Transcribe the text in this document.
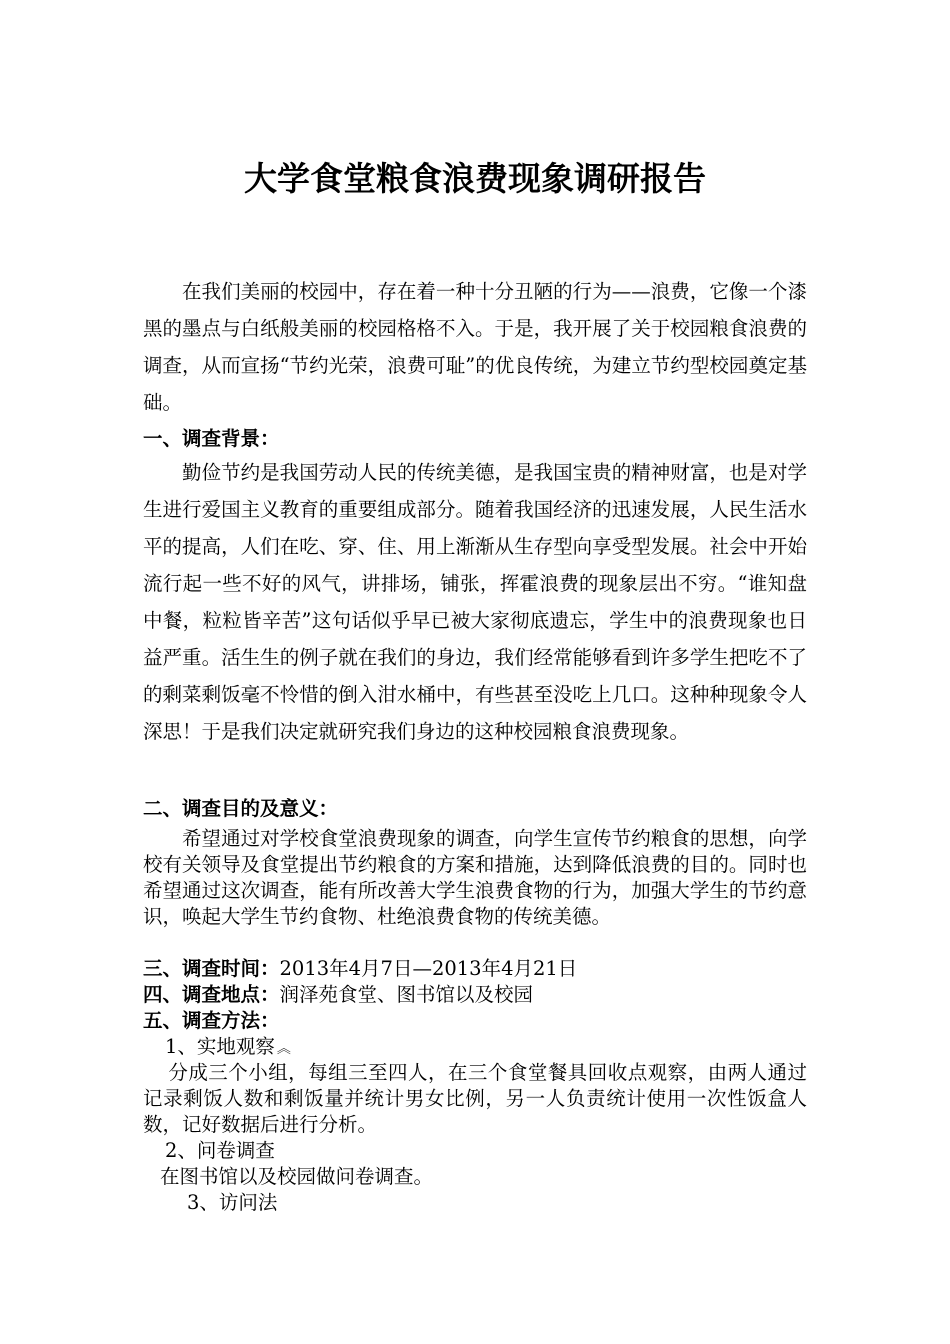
大学食堂粮食浪费现象调研报告

在我们美丽的校园中，存在着一种十分丑陋的行为——浪费，它像一个漆黑的墨点与白纸般美丽的校园格格不入。于是，我开展了关于校园粮食浪费的调查，从而宣扬“节约光荣，浪费可耻”的优良传统，为建立节约型校园奠定基础。

一、调查背景：

勤俭节约是我国劳动人民的传统美德，是我国宝贵的精神财富，也是对学生进行爱国主义教育的重要组成部分。随着我国经济的迅速发展，人民生活水平的提高，人们在吃、穿、住、用上渐渐从生存型向享受型发展。社会中开始流行起一些不好的风气，讲排场，铺张，挥霍浪费的现象层出不穷。“谁知盘中餐，粒粒皆辛苦”这句话似乎早已被大家彻底遗忘，学生中的浪费现象也日益严重。活生生的例子就在我们的身边，我们经常能够看到许多学生把吃不了的剩菜剩饭毫不怜惜的倒入泔水桶中，有些甚至没吃上几口。这种种现象令人深思！于是我们决定就研究我们身边的这种校园粮食浪费现象。

二、调查目的及意义：

希望通过对学校食堂浪费现象的调查，向学生宣传节约粮食的思想，向学校有关领导及食堂提出节约粮食的方案和措施，达到降低浪费的目的。同时也希望通过这次调查，能有所改善大学生浪费食物的行为，加强大学生的节约意识，唤起大学生节约食物、杜绝浪费食物的传统美德。

三、调查时间：2013年4月7日—2013年4月21日

四、调查地点：润泽苑食堂、图书馆以及校园

五、调查方法：

1、实地观察 ︽

分成三个小组，每组三至四人，在三个食堂餐具回收点观察，由两人通过记录剩饭人数和剩饭量并统计男女比例，另一人负责统计使用一次性饭盒人数，记好数据后进行分析。

2、问卷调查

在图书馆以及校园做问卷调查。

3、访问法
